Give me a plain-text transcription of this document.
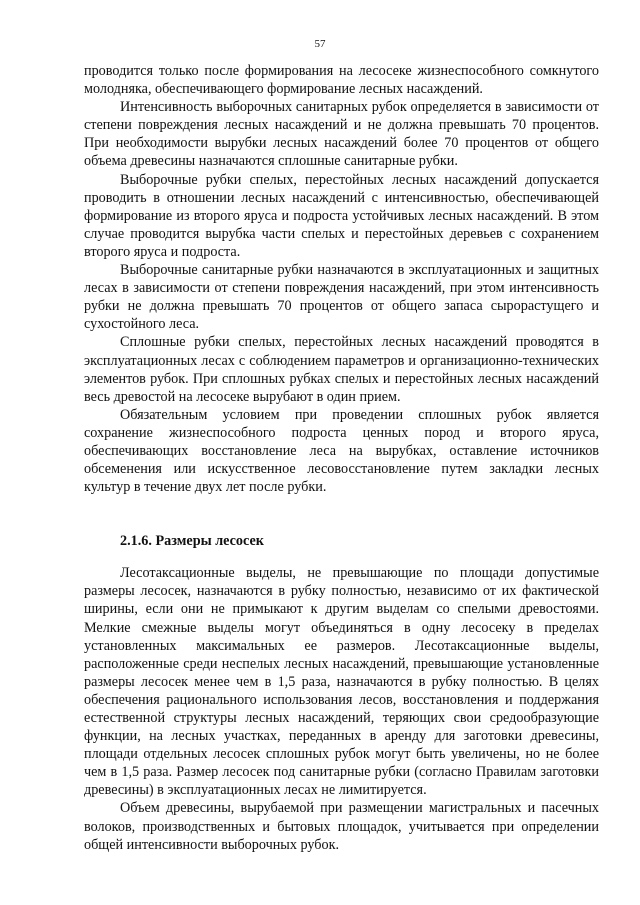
57

проводится только после формирования на лесосеке жизнеспособного сомкнутого молодняка, обеспечивающего формирование лесных насаждений.

Интенсивность выборочных санитарных рубок определяется в зависимости от степени повреждения лесных насаждений и не должна превышать 70 процентов. При необходимости вырубки лесных насаждений более 70 процентов от общего объема древесины назначаются сплошные санитарные рубки.

Выборочные рубки спелых, перестойных лесных насаждений допускается проводить в отношении лесных насаждений с интенсивностью, обеспечивающей формирование из второго яруса и подроста устойчивых лесных насаждений. В этом случае проводится вырубка части спелых и перестойных деревьев с сохранением второго яруса и подроста.

Выборочные санитарные рубки назначаются в эксплуатационных и защитных лесах в зависимости от степени повреждения насаждений, при этом интенсивность рубки не должна превышать 70 процентов от общего запаса сырорастущего и сухостойного леса.

Сплошные рубки спелых, перестойных лесных насаждений проводятся в эксплуатационных лесах с соблюдением параметров и организационно-технических элементов рубок. При сплошных рубках спелых и перестойных лесных насаждений весь древостой на лесосеке вырубают в один прием.

Обязательным условием при проведении сплошных рубок является сохранение жизнеспособного подроста ценных пород и второго яруса, обеспечивающих восстановление леса на вырубках, оставление источников обсеменения или искусственное лесовосстановление путем закладки лесных культур в течение двух лет после рубки.

2.1.6. Размеры лесосек

Лесотаксационные выделы, не превышающие по площади допустимые размеры лесосек, назначаются в рубку полностью, независимо от их фактической ширины, если они не примыкают к другим выделам со спелыми древостоями. Мелкие смежные выделы могут объединяться в одну лесосеку в пределах установленных максимальных ее размеров. Лесотаксационные выделы, расположенные среди неспелых лесных насаждений, превышающие установленные размеры лесосек менее чем в 1,5 раза, назначаются в рубку полностью. В целях обеспечения рационального использования лесов, восстановления и поддержания естественной структуры лесных насаждений, теряющих свои средообразующие функции, на лесных участках, переданных в аренду для заготовки древесины, площади отдельных лесосек сплошных рубок могут быть увеличены, но не более чем в 1,5 раза. Размер лесосек под санитарные рубки (согласно Правилам заготовки древесины) в эксплуатационных лесах не лимитируется.

Объем древесины, вырубаемой при размещении магистральных и пасечных волоков, производственных и бытовых площадок, учитывается при определении общей интенсивности выборочных рубок.
